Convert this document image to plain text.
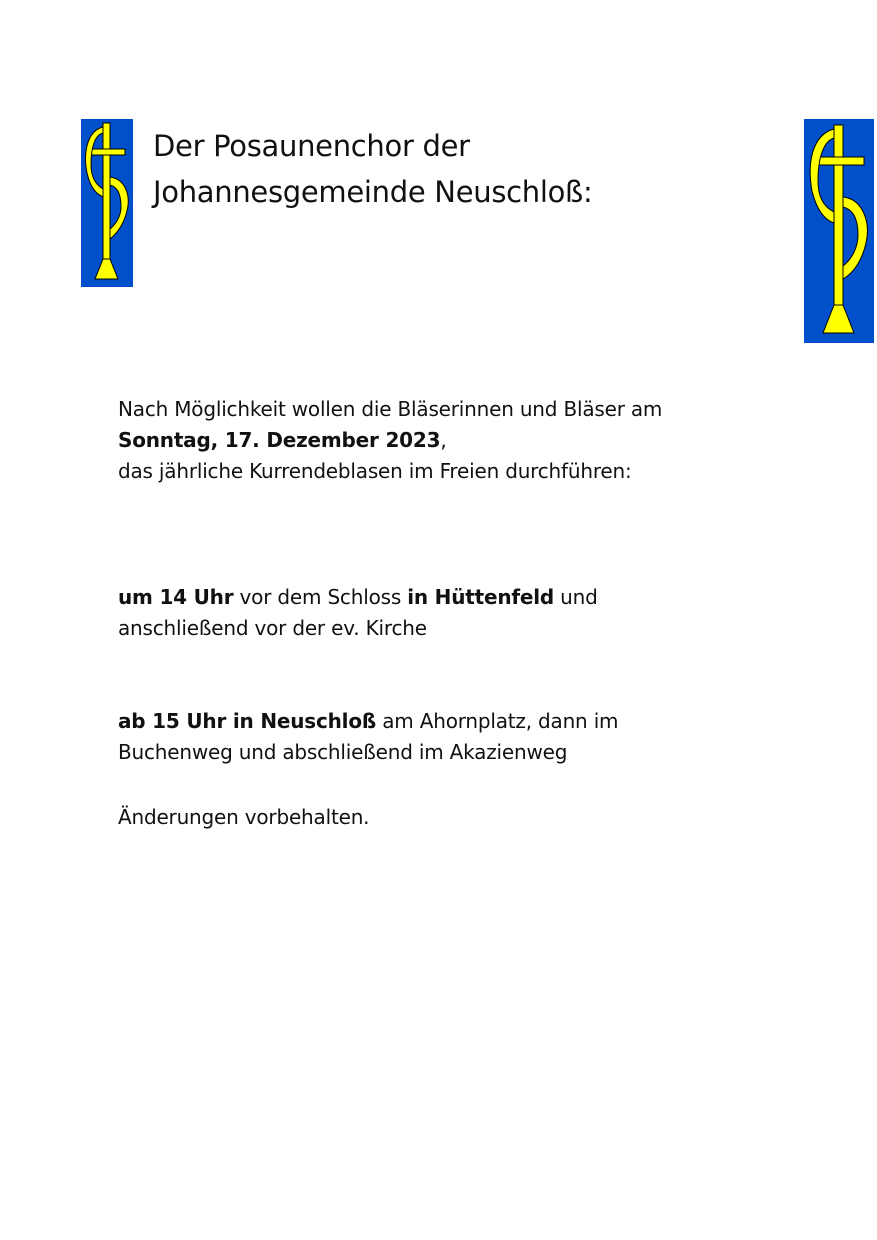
Der Posaunenchor der
Johannesgemeinde Neuschloß:
Nach Möglichkeit wollen die Bläserinnen und Bläser am
Sonntag, 17. Dezember 2023,
das jährliche Kurrendeblasen im Freien durchführen:
um 14 Uhr vor dem Schloss in Hüttenfeld und
anschließend vor der ev. Kirche
ab 15 Uhr in Neuschloß am Ahornplatz, dann im
Buchenweg und abschließend im Akazienweg
Änderungen vorbehalten.
